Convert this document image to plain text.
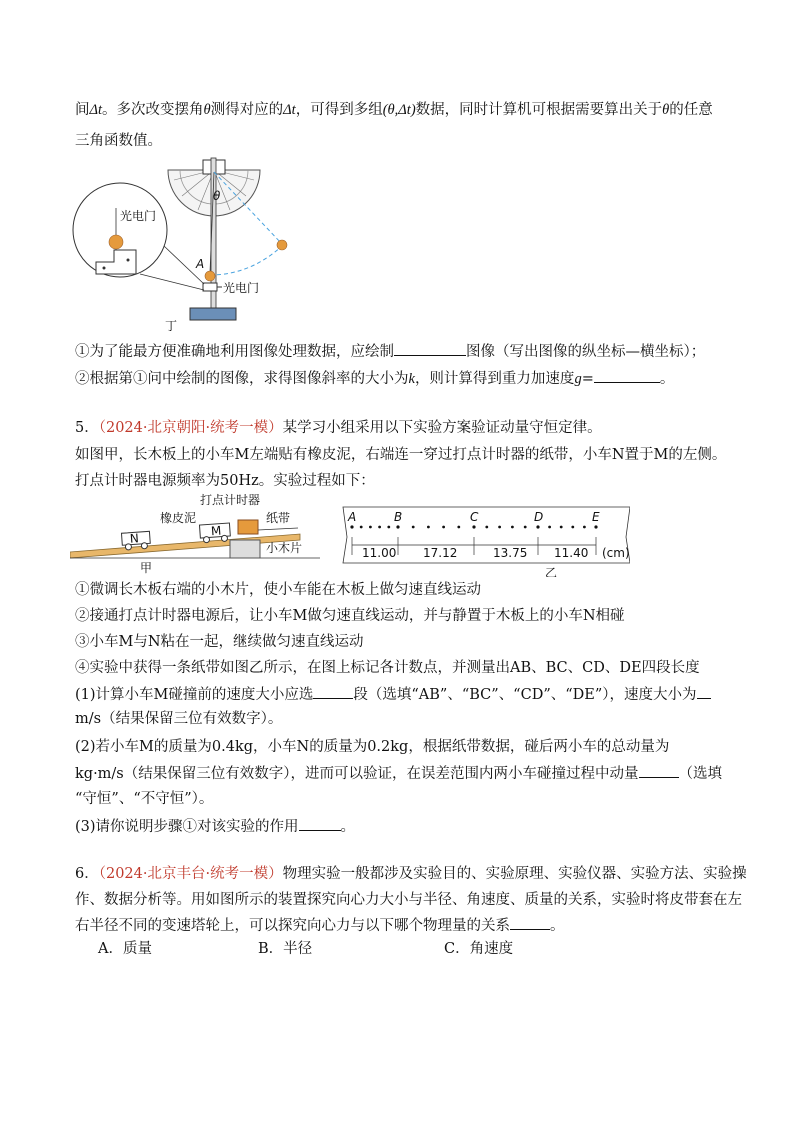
间Δt。多次改变摆角θ测得对应的Δt，可得到多组(θ,Δt)数据，同时计算机可根据需要算出关于θ的任意
三角函数值。
θ
A
光电门
光电门
丁
①为了能最方便准确地利用图像处理数据，应绘制	图像（写出图像的纵坐标—横坐标）；
②根据第①问中绘制的图像，求得图像斜率的大小为k，则计算得到重力加速度g=	。
5．（2024·北京朝阳·统考一模）某学习小组采用以下实验方案验证动量守恒定律。
如图甲，长木板上的小车M左端贴有橡皮泥，右端连一穿过打点计时器的纸带，小车N置于M的左侧。
打点计时器电源频率为50Hz。实验过程如下：
N
M
打点计时器
橡皮泥	纸带
小木片
甲
A	B	C	D	E
11.00 17.12	13.75 11.40 (cm)
乙
①微调长木板右端的小木片，使小车能在木板上做匀速直线运动
②接通打点计时器电源后，让小车M做匀速直线运动，并与静置于木板上的小车N相碰
③小车M与N粘在一起，继续做匀速直线运动
④实验中获得一条纸带如图乙所示，在图上标记各计数点，并测量出AB、BC、CD、DE四段长度
(1)计算小车M碰撞前的速度大小应选	段（选填“AB”、“BC”、“CD”、“DE”），速度大小为
m/s（结果保留三位有效数字）。
(2)若小车M的质量为0.4kg，小车N的质量为0.2kg，根据纸带数据，碰后两小车的总动量为
kg·m/s（结果保留三位有效数字），进而可以验证，在误差范围内两小车碰撞过程中动量	（选填
“守恒”、“不守恒”）。
(3)请你说明步骤①对该实验的作用	。
6．（2024·北京丰台·统考一模）物理实验一般都涉及实验目的、实验原理、实验仪器、实验方法、实验操
作、数据分析等。用如图所示的装置探究向心力大小与半径、角速度、质量的关系，实验时将皮带套在左
右半径不同的变速塔轮上，可以探究向心力与以下哪个物理量的关系	。
A．质量	B．半径	C．角速度
